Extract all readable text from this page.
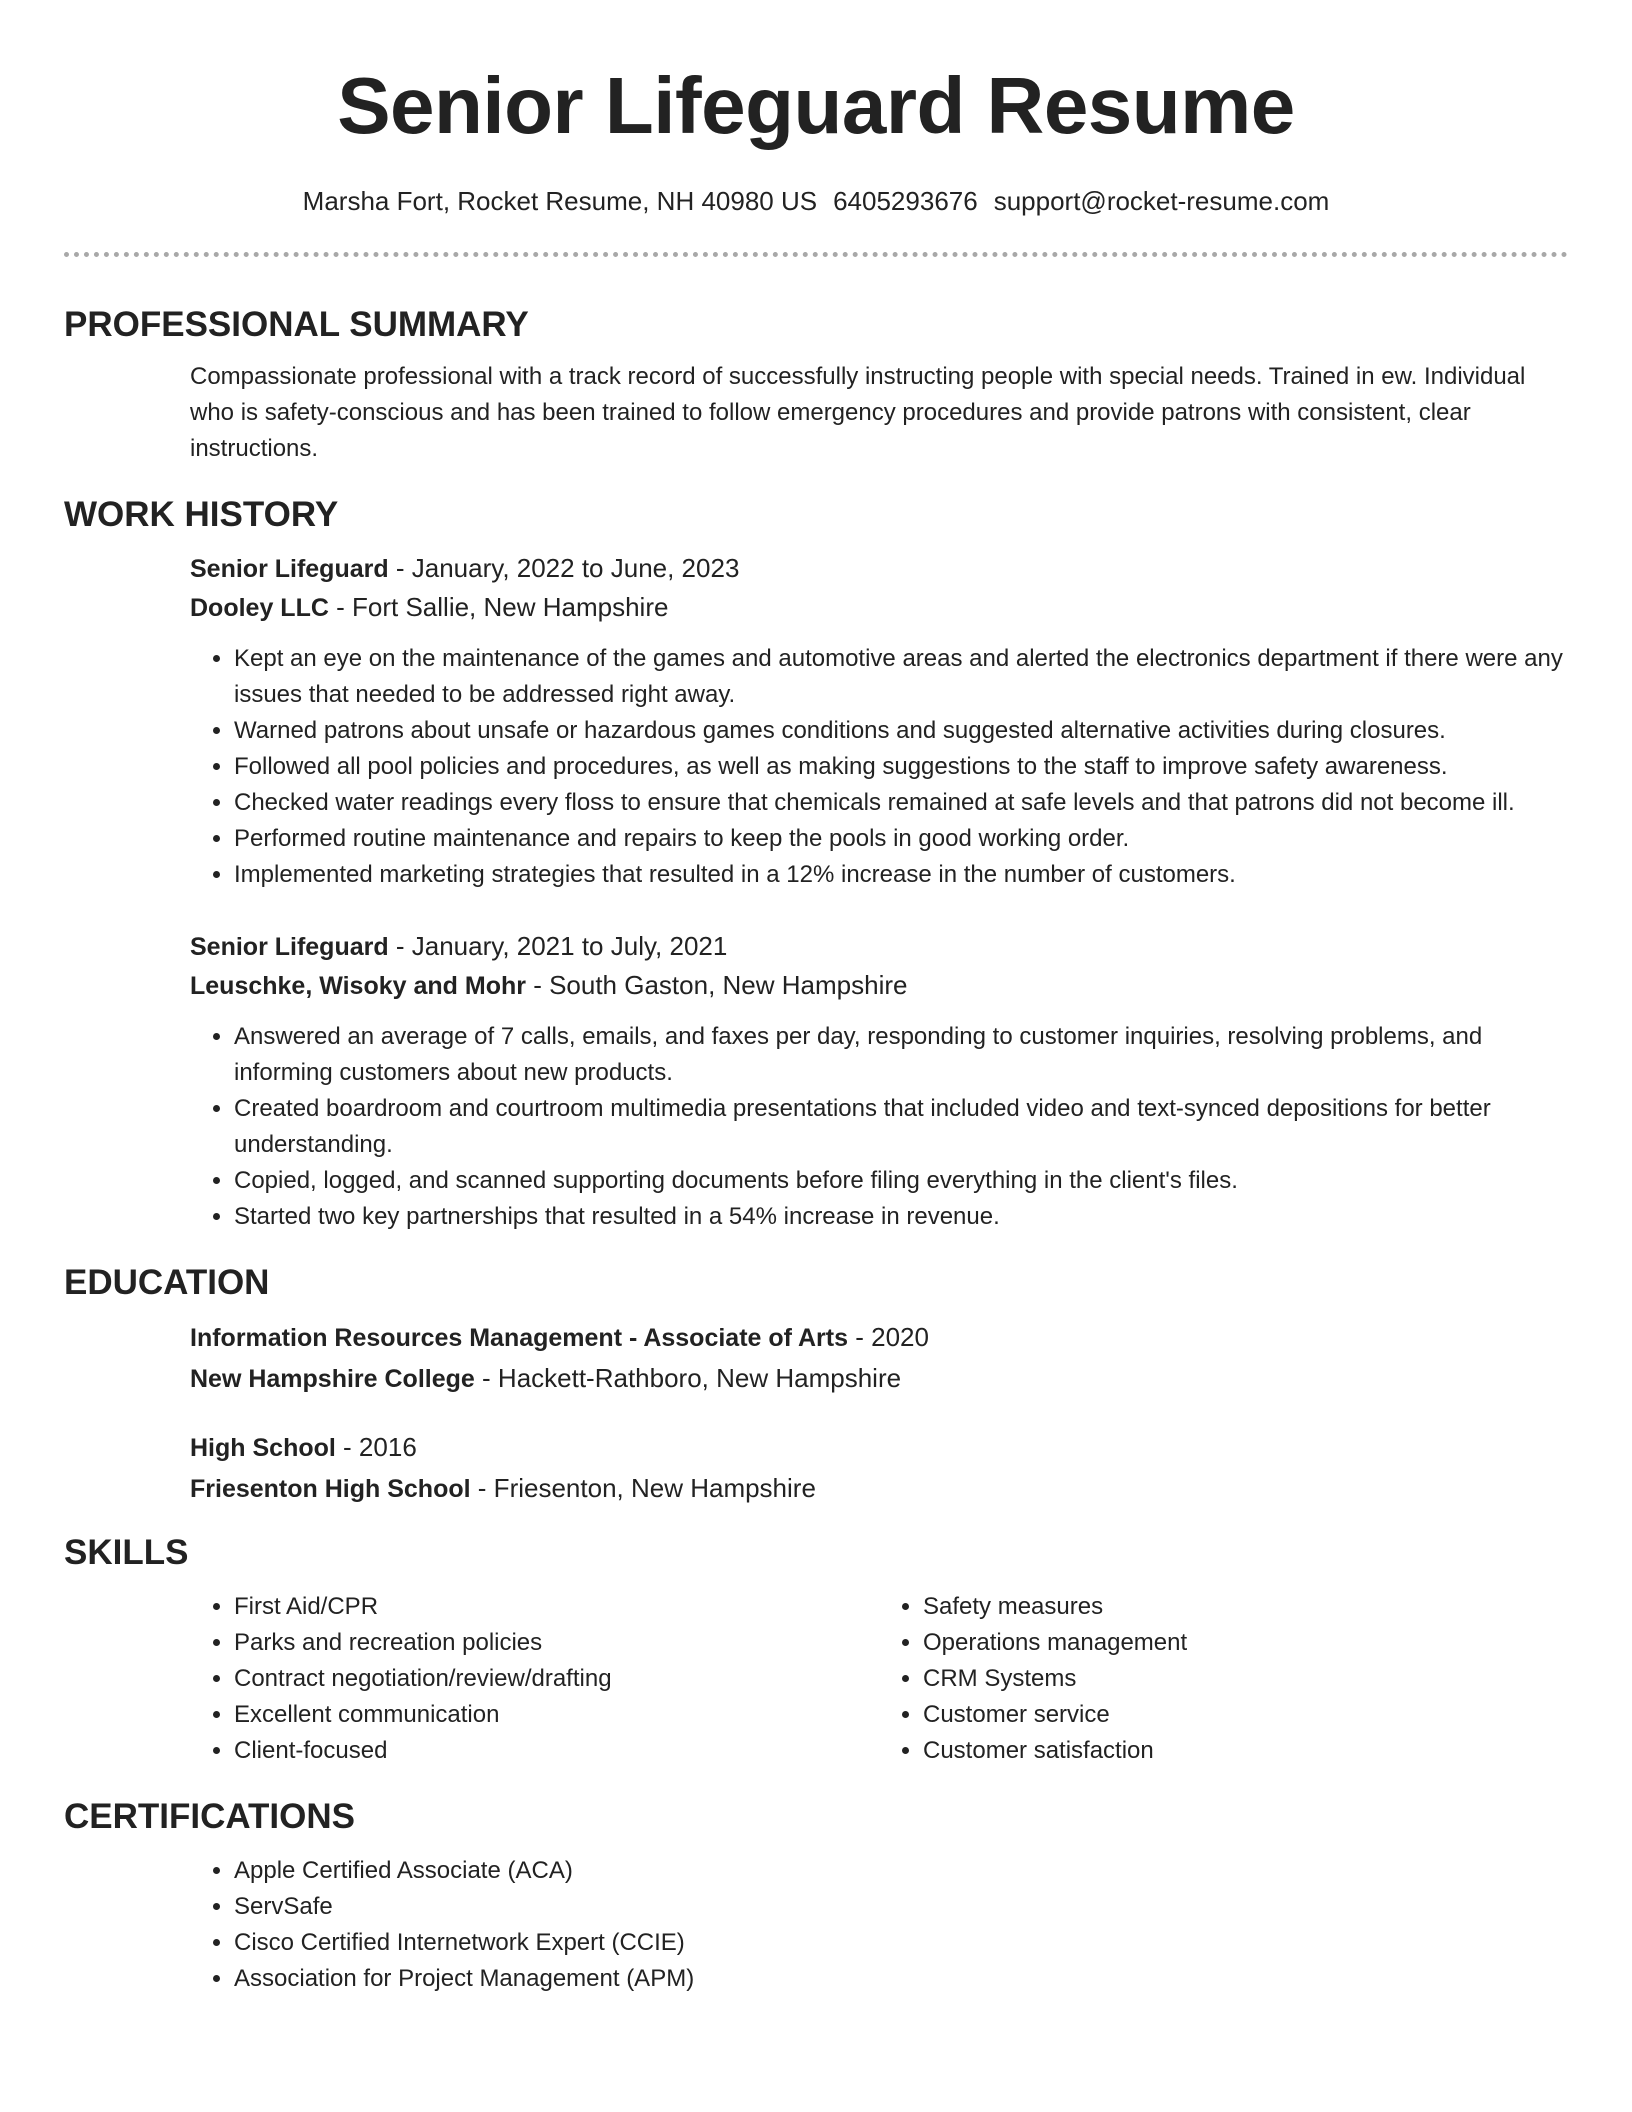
Senior Lifeguard Resume
Marsha Fort, Rocket Resume, NH 40980 US 6405293676 support@rocket-resume.com
PROFESSIONAL SUMMARY

Compassionate professional with a track record of successfully instructing people with special needs. Trained in ew. Individual who is safety-conscious and has been trained to follow emergency procedures and provide patrons with consistent, clear instructions.

WORK HISTORY
Senior Lifeguard - January, 2022 to June, 2023
Dooley LLC - Fort Sallie, New Hampshire
• Kept an eye on the maintenance of the games and automotive areas and alerted the electronics department if there were any issues that needed to be addressed right away.
• Warned patrons about unsafe or hazardous games conditions and suggested alternative activities during closures.
• Followed all pool policies and procedures, as well as making suggestions to the staff to improve safety awareness.
• Checked water readings every floss to ensure that chemicals remained at safe levels and that patrons did not become ill.
• Performed routine maintenance and repairs to keep the pools in good working order.
• Implemented marketing strategies that resulted in a 12% increase in the number of customers.
Senior Lifeguard - January, 2021 to July, 2021
Leuschke, Wisoky and Mohr - South Gaston, New Hampshire
• Answered an average of 7 calls, emails, and faxes per day, responding to customer inquiries, resolving problems, and informing customers about new products.
• Created boardroom and courtroom multimedia presentations that included video and text-synced depositions for better understanding.
• Copied, logged, and scanned supporting documents before filing everything in the client's files.
• Started two key partnerships that resulted in a 54% increase in revenue.
EDUCATION
Information Resources Management - Associate of Arts - 2020
New Hampshire College - Hackett-Rathboro, New Hampshire
High School - 2016
Friesenton High School - Friesenton, New Hampshire
SKILLS
• First Aid/CPR
• Parks and recreation policies
• Contract negotiation/review/drafting
• Excellent communication
• Client-focused
• Safety measures
• Operations management
• CRM Systems
• Customer service
• Customer satisfaction
CERTIFICATIONS
• Apple Certified Associate (ACA)
• ServSafe
• Cisco Certified Internetwork Expert (CCIE)
• Association for Project Management (APM)
